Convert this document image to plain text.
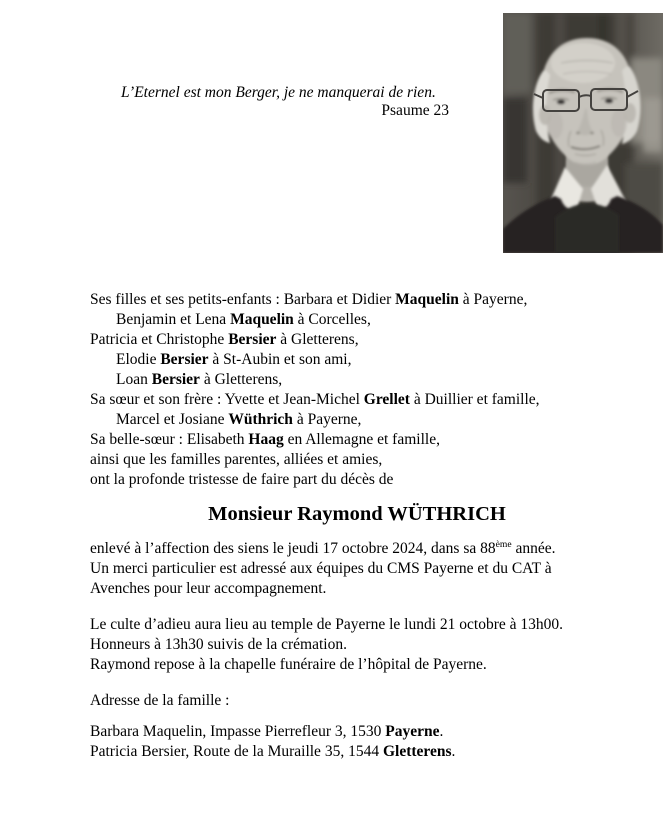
L’Eternel est mon Berger, je ne manquerai de rien.
Psaume 23
Ses filles et ses petits-enfants : Barbara et Didier Maquelin à Payerne,
Benjamin et Lena Maquelin à Corcelles,
Patricia et Christophe Bersier à Gletterens,
Elodie Bersier à St-Aubin et son ami,
Loan Bersier à Gletterens,
Sa sœur et son frère : Yvette et Jean-Michel Grellet à Duillier et famille,
Marcel et Josiane Wüthrich à Payerne,
Sa belle-sœur : Elisabeth Haag en Allemagne et famille,
ainsi que les familles parentes, alliées et amies,
ont la profonde tristesse de faire part du décès de
Monsieur Raymond WÜTHRICH
enlevé à l’affection des siens le jeudi 17 octobre 2024, dans sa 88ème année.
Un merci particulier est adressé aux équipes du CMS Payerne et du CAT à
Avenches pour leur accompagnement.
Le culte d’adieu aura lieu au temple de Payerne le lundi 21 octobre à 13h00.
Honneurs à 13h30 suivis de la crémation.
Raymond repose à la chapelle funéraire de l’hôpital de Payerne.
Adresse de la famille :
Barbara Maquelin, Impasse Pierrefleur 3, 1530 Payerne.
Patricia Bersier, Route de la Muraille 35, 1544 Gletterens.
